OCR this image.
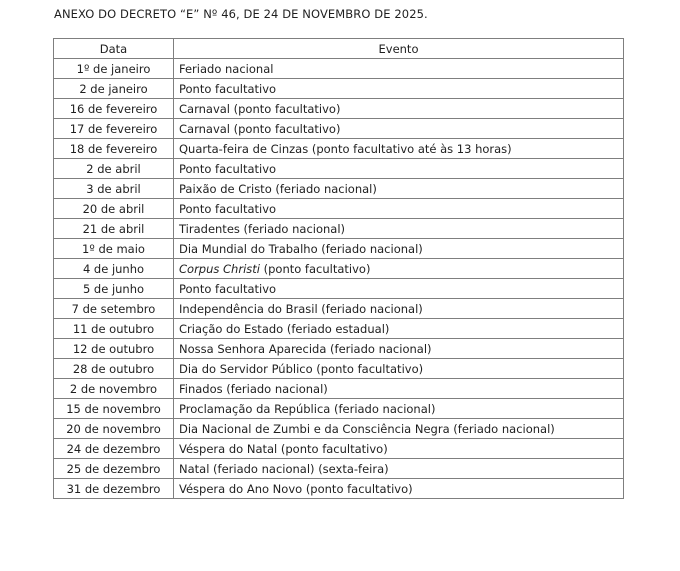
ANEXO DO DECRETO “E” Nº 46, DE 24 DE NOVEMBRO DE 2025.
Data	Evento
1º de janeiro	Feriado nacional
2 de janeiro	Ponto facultativo
16 de fevereiro	Carnaval (ponto facultativo)
17 de fevereiro	Carnaval (ponto facultativo)
18 de fevereiro	Quarta-feira de Cinzas (ponto facultativo até às 13 horas)
2 de abril	Ponto facultativo
3 de abril	Paixão de Cristo (feriado nacional)
20 de abril	Ponto facultativo
21 de abril	Tiradentes (feriado nacional)
1º de maio	Dia Mundial do Trabalho (feriado nacional)
4 de junho	Corpus Christi (ponto facultativo)
5 de junho	Ponto facultativo
7 de setembro	Independência do Brasil (feriado nacional)
11 de outubro	Criação do Estado (feriado estadual)
12 de outubro	Nossa Senhora Aparecida (feriado nacional)
28 de outubro	Dia do Servidor Público (ponto facultativo)
2 de novembro	Finados (feriado nacional)
15 de novembro	Proclamação da República (feriado nacional)
20 de novembro	Dia Nacional de Zumbi e da Consciência Negra (feriado nacional)
24 de dezembro	Véspera do Natal (ponto facultativo)
25 de dezembro	Natal (feriado nacional) (sexta-feira)
31 de dezembro	Véspera do Ano Novo (ponto facultativo)
